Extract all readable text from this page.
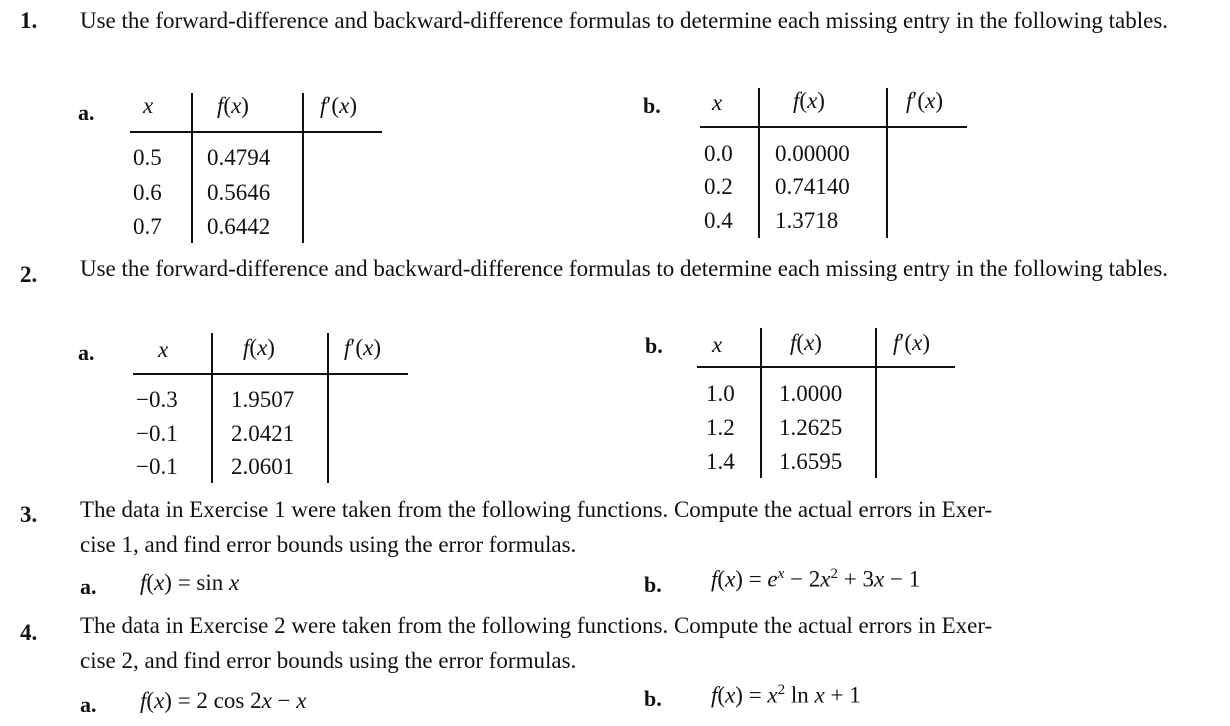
1. Use the forward-difference and backward-difference formulas to determine each missing entry in the following tables.
a. x	f(x)	f′(x)
0.5 0.4794
0.6 0.5646
0.7 0.6442
b. x	f(x)	f′(x)
0.0 0.00000
0.2 0.74140
0.4 1.3718
2. Use the forward-difference and backward-difference formulas to determine each missing entry in the following tables.
a.	x	f(x)	f′(x)
−0.3 1.9507
−0.1 2.0421
−0.1 2.0601
b. x	f(x)	f′(x)
1.0 1.0000
1.2 1.2625
1.4 1.6595
3. The data in Exercise 1 were taken from the following functions. Compute the actual errors in Exer-
cise 1, and find error bounds using the error formulas.
a. f(x) = sin x	b. $f(x) = e^x - 2x^2 + 3x - 1$
4. The data in Exercise 2 were taken from the following functions. Compute the actual errors in Exer-
cise 2, and find error bounds using the error formulas.
a. f(x) = 2 cos 2x − x	b. $f(x) = x^2$ ln x + 1
